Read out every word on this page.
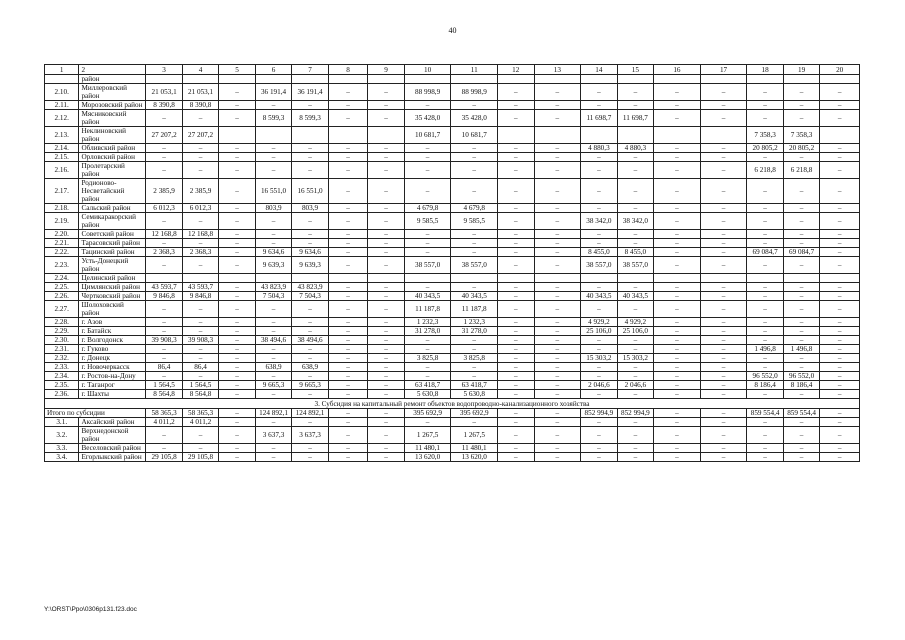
40
1	2	3	4	5	6	7	8	9	10	11	12	13	14	15	16	17	18	19	20
	район																		
2.10.	Миллеровский район	21 053,1	21 053,1	–	36 191,4	36 191,4	–	–	88 998,9	88 998,9	–	–	–	–	–	–	–	–	–
2.11.	Морозовский район	8 390,8	8 390,8	–	–	–	–	–	–	–	–	–	–	–	–	–	–	–	–
2.12.	Мясниковский район	–	–	–	8 599,3	8 599,3	–	–	35 428,0	35 428,0	–	–	11 698,7	11 698,7	–	–	–	–	–
2.13.	Неклиновский район	27 207,2	27 207,2						10 681,7	10 681,7							7 358,3	7 358,3	
2.14.	Обливский район	–	–	–	–	–	–	–	–	–	–	–	4 880,3	4 880,3	–	–	20 805,2	20 805,2	–
2.15.	Орловский район	–	–	–	–	–	–	–	–	–	–	–	–	–	–	–	–	–	–
2.16.	Пролетарский район	–	–	–	–	–	–	–	–	–	–	–	–	–	–	–	6 218,8	6 218,8	–
2.17.	Родионово-Несветайский район	2 385,9	2 385,9	–	16 551,0	16 551,0	–	–	–	–	–	–	–	–	–	–	–	–	–
2.18.	Сальский район	6 012,3	6 012,3	–	803,9	803,9	–	–	4 679,8	4 679,8	–	–	–	–	–	–	–	–	–
2.19.	Семикаракорский район	–	–	–	–	–	–	–	9 585,5	9 585,5	–	–	38 342,0	38 342,0	–	–	–	–	–
2.20.	Советский район	12 168,8	12 168,8	–	–	–	–	–	–	–	–	–	–	–	–	–	–	–	–
2.21.	Тарасовский район	–	–	–	–	–	–	–	–	–	–	–	–	–	–	–	–	–	–
2.22.	Тацинский район	2 368,3	2 368,3	–	9 634,6	9 634,6	–	–	–	–	–	–	8 455,0	8 455,0	–	–	69 084,7	69 084,7	–
2.23.	Усть-Донецкий район	–	–	–	9 639,3	9 639,3	–	–	38 557,0	38 557,0	–	–	38 557,0	38 557,0	–	–	–	–	–
2.24.	Целинский район																		
2.25.	Цимлянский район	43 593,7	43 593,7	–	43 823,9	43 823,9	–	–	–	–	–	–	–	–	–	–	–	–	–
2.26.	Чертковский район	9 846,8	9 846,8	–	7 504,3	7 504,3	–	–	40 343,5	40 343,5	–	–	40 343,5	40 343,5	–	–	–	–	–
2.27.	Шолоховский район	–	–	–	–	–	–	–	11 187,8	11 187,8	–	–	–	–	–	–	–	–	–
2.28.	г. Азов	–	–	–	–	–	–	–	1 232,3	1 232,3	–	–	4 929,2	4 929,2	–	–	–	–	–
2.29.	г. Батайск	–	–	–	–	–	–	–	31 278,0	31 278,0	–	–	25 106,0	25 106,0	–	–	–	–	–
2.30.	г. Волгодонск	39 908,3	39 908,3	–	38 494,6	38 494,6	–	–	–	–	–	–	–	–	–	–	–	–	–
2.31.	г. Гуково	–	–	–	–	–	–	–	–	–	–	–	–	–	–	–	1 496,8	1 496,8	–
2.32.	г. Донецк	–	–	–	–	–	–	–	3 825,8	3 825,8	–	–	15 303,2	15 303,2	–	–	–	–	–
2.33.	г. Новочеркасск	86,4	86,4	–	638,9	638,9	–	–	–	–	–	–	–	–	–	–	–	–	–
2.34.	г. Ростов-на-Дону	–	–	–	–	–	–	–	–	–	–	–	–	–	–	–	96 552,0	96 552,0	–
2.35.	г. Таганрог	1 564,5	1 564,5	–	9 665,3	9 665,3	–	–	63 418,7	63 418,7	–	–	2 046,6	2 046,6	–	–	8 186,4	8 186,4	–
2.36.	г. Шахты	8 564,8	8 564,8	–	–	–	–	–	5 630,8	5 630,8	–	–	–	–	–	–	–	–	–
3. Субсидия на капитальный ремонт объектов водопроводно-канализационного хозяйства																			
Итого по субсидии		58 365,3	58 365,3	–	124 892,1	124 892,1	–	–	395 692,9	395 692,9	–	–	852 994,9	852 994,9	–	–	859 554,4	859 554,4	–
3.1.	Аксайский район	4 011,2	4 011,2	–	–	–	–	–	–	–	–	–	–	–	–	–	–	–	–
3.2.	Верхнедонской район	–	–	–	3 637,3	3 637,3	–	–	1 267,5	1 267,5	–	–	–	–	–	–	–	–	–
3.3.	Веселовский район	–	–	–	–	–	–	–	11 480,1	11 480,1	–	–	–	–	–	–	–	–	–
3.4.	Егорлыкский район	29 105,8	29 105,8	–	–	–	–	–	13 620,0	13 620,0	–	–	–	–	–	–	–	–	–
Y:\ORST\Ppo\0306p131.f23.doc
